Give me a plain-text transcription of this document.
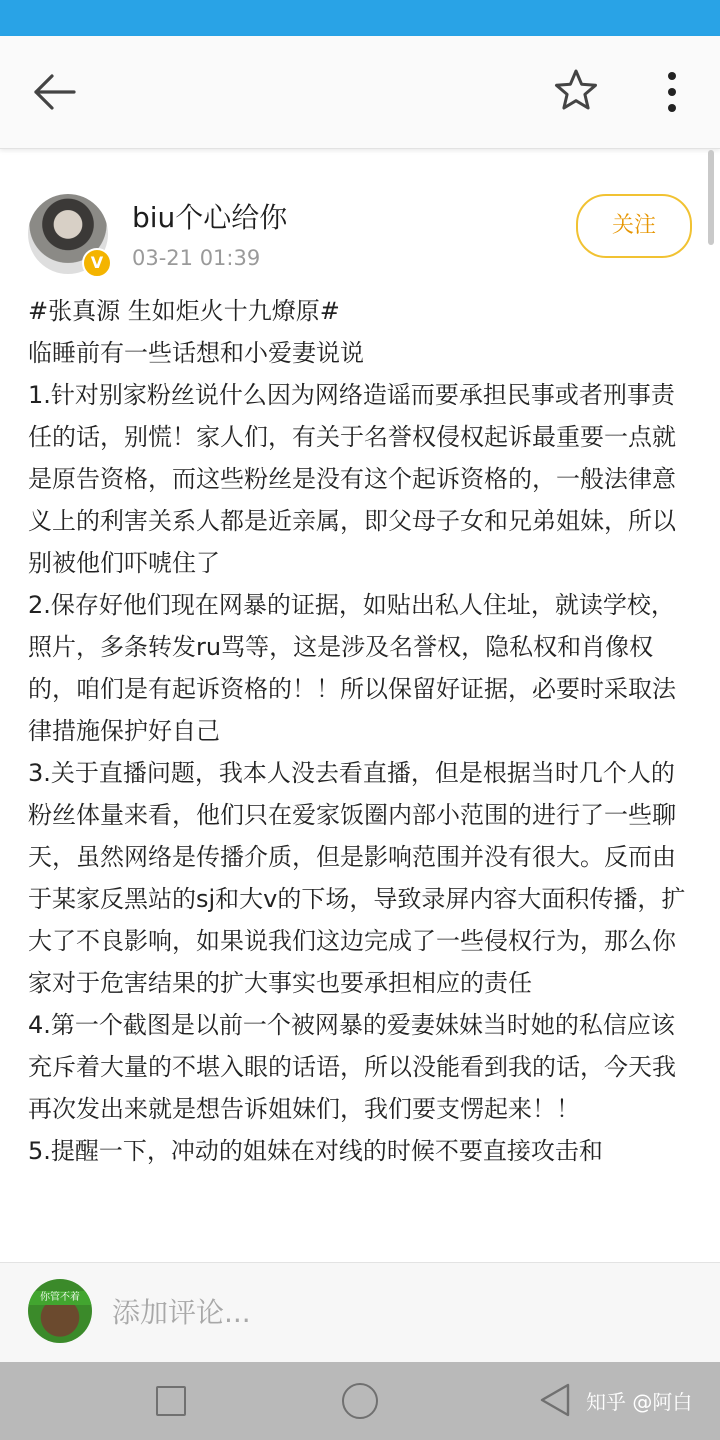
V
biu个心给你
03-21 01:39
关注

#张真源 生如炬火十九燎原#

临睡前有一些话想和小爱妻说说

1.针对别家粉丝说什么因为网络造谣而要承担民事或者刑事责任的话，别慌！家人们，有关于名誉权侵权起诉最重要一点就是原告资格，而这些粉丝是没有这个起诉资格的，一般法律意义上的利害关系人都是近亲属，即父母子女和兄弟姐妹，所以别被他们吓唬住了

2.保存好他们现在网暴的证据，如贴出私人住址，就读学校，照片，多条转发ru骂等，这是涉及名誉权，隐私权和肖像权的，咱们是有起诉资格的！！所以保留好证据，必要时采取法律措施保护好自己

3.关于直播问题，我本人没去看直播，但是根据当时几个人的粉丝体量来看，他们只在爱家饭圈内部小范围的进行了一些聊天，虽然网络是传播介质，但是影响范围并没有很大。反而由于某家反黑站的sj和大v的下场，导致录屏内容大面积传播，扩大了不良影响，如果说我们这边完成了一些侵权行为，那么你家对于危害结果的扩大事实也要承担相应的责任

4.第一个截图是以前一个被网暴的爱妻妹妹当时她的私信应该充斥着大量的不堪入眼的话语，所以没能看到我的话，今天我再次发出来就是想告诉姐妹们，我们要支愣起来！！

5.提醒一下，冲动的姐妹在对线的时候不要直接攻击和

你管不着	添加评论...
知乎 @阿白
